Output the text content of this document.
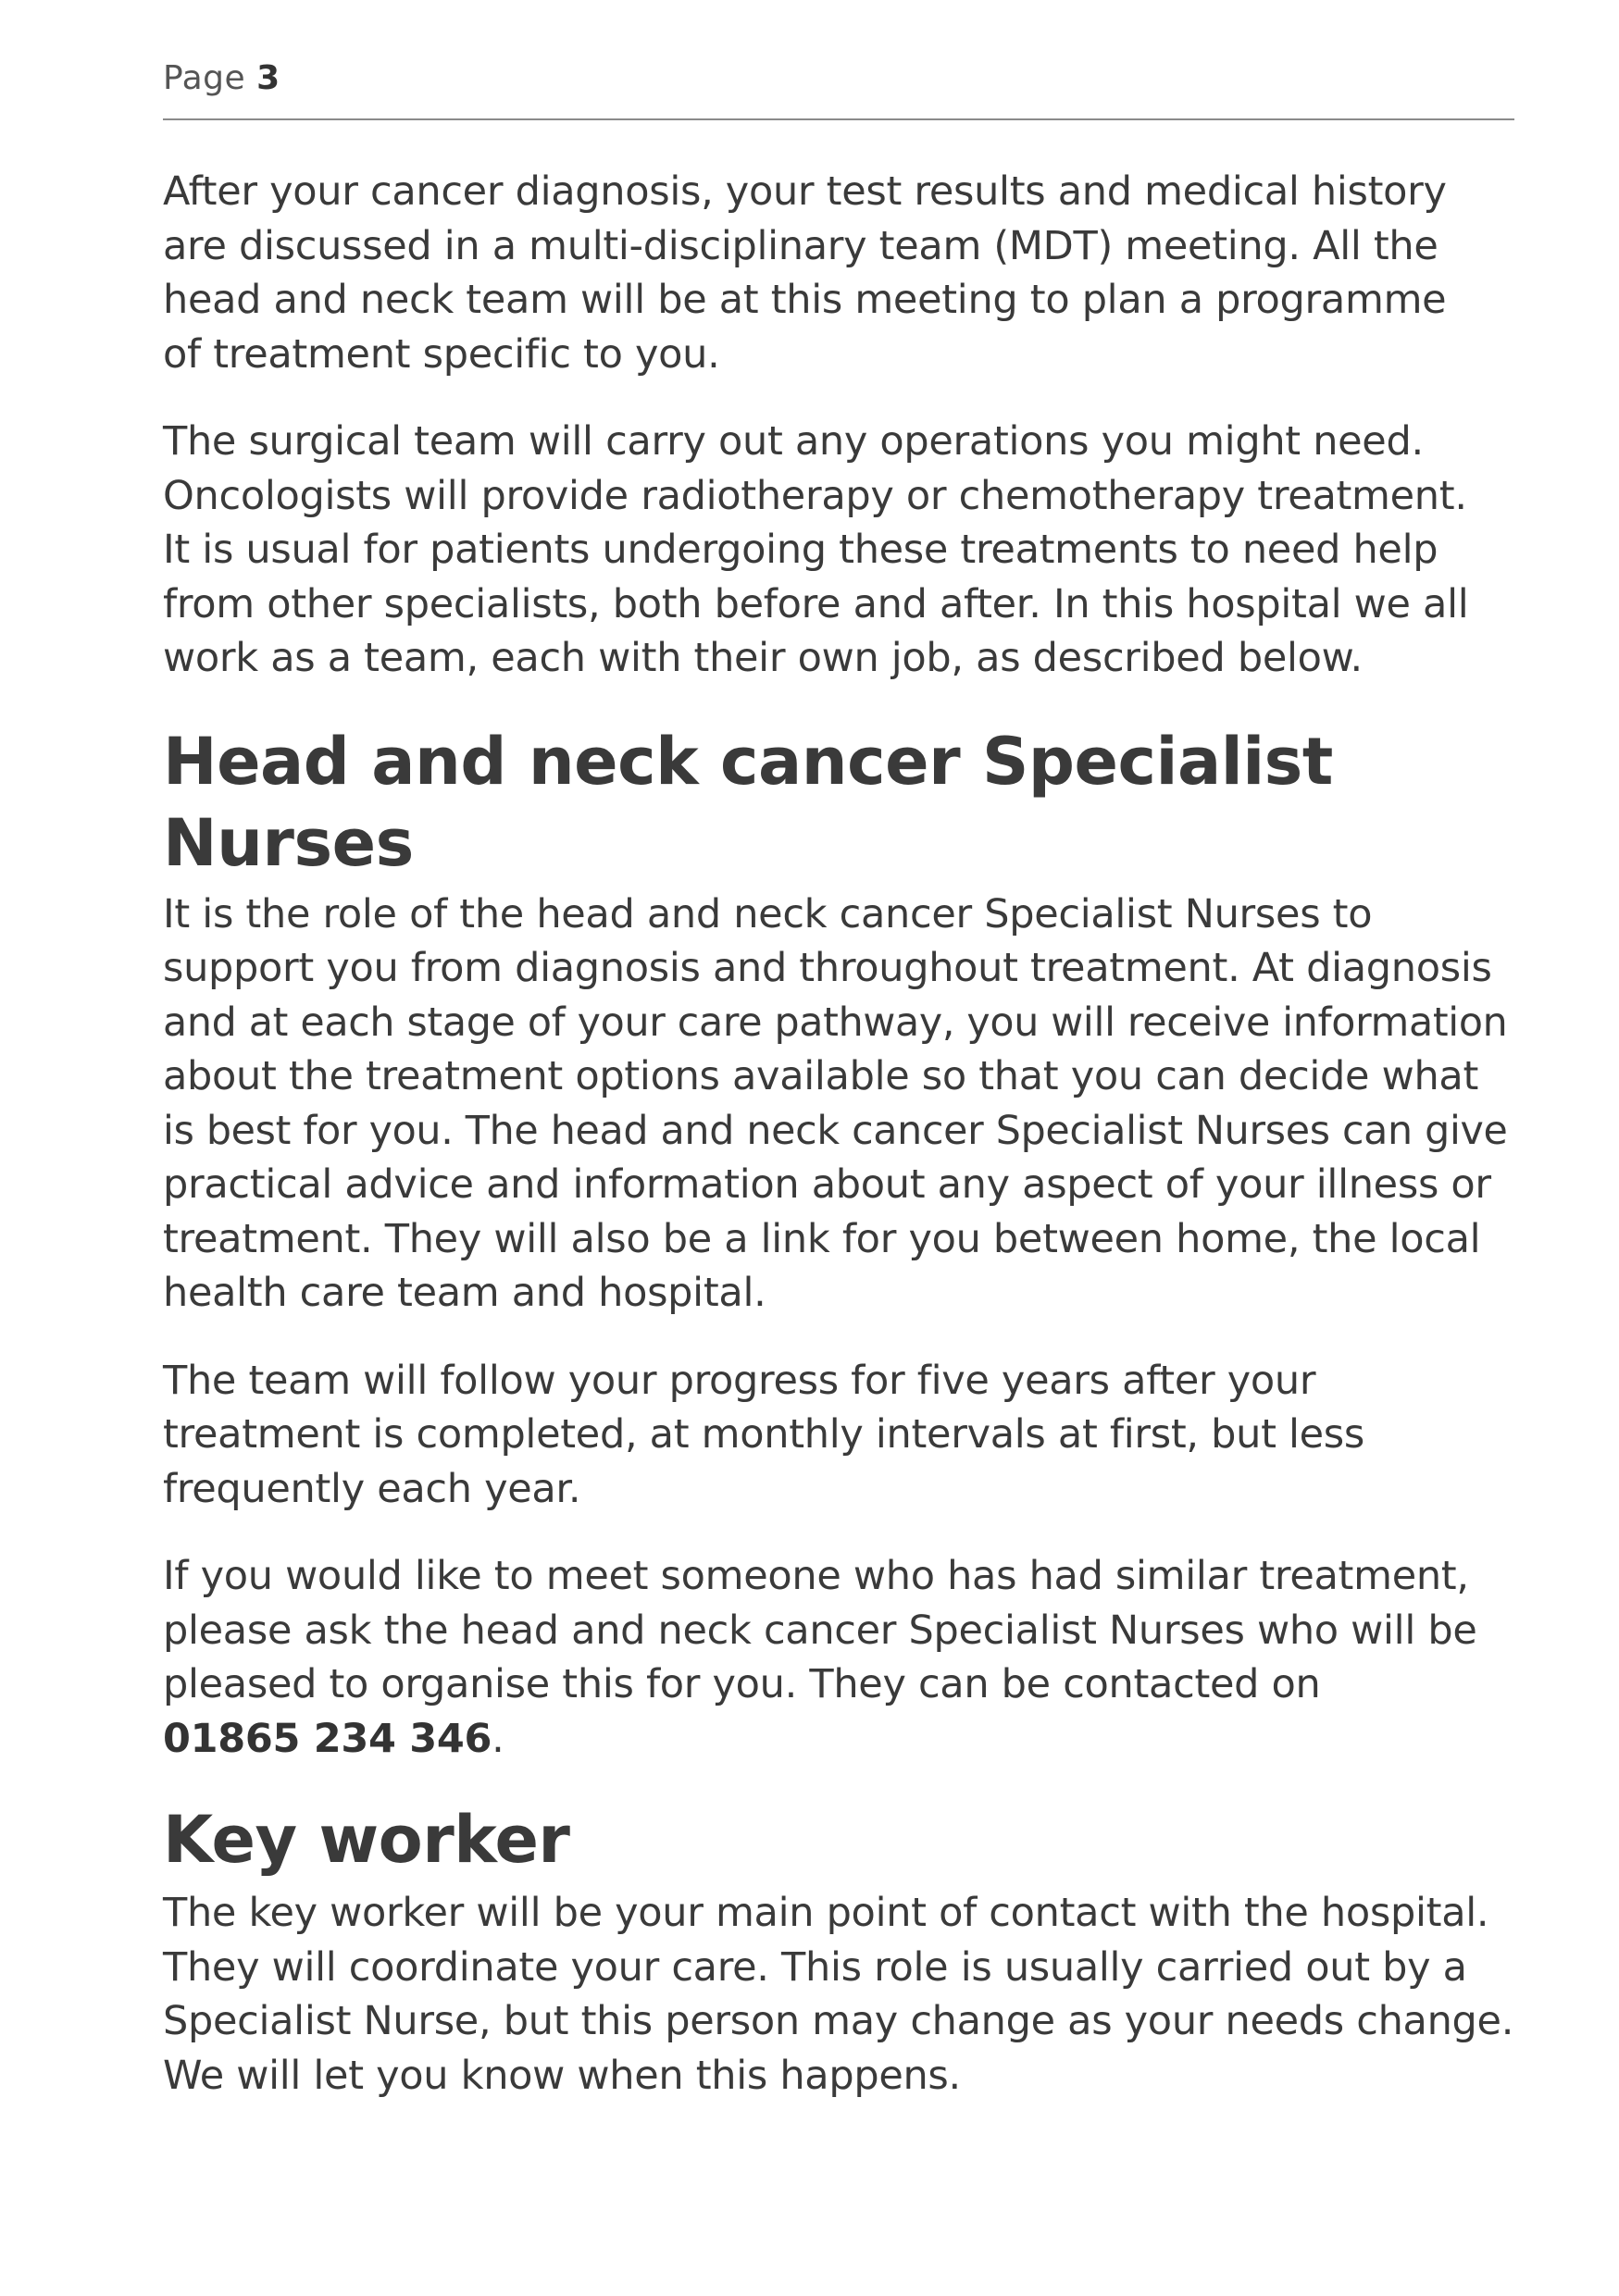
Page 3

After your cancer diagnosis, your test results and medical history
are discussed in a multi-disciplinary team (MDT) meeting. All the
head and neck team will be at this meeting to plan a programme
of treatment specific to you.

The surgical team will carry out any operations you might need.
Oncologists will provide radiotherapy or chemotherapy treatment.
It is usual for patients undergoing these treatments to need help
from other specialists, both before and after. In this hospital we all
work as a team, each with their own job, as described below.

Head and neck cancer Specialist
Nurses

It is the role of the head and neck cancer Specialist Nurses to
support you from diagnosis and throughout treatment. At diagnosis
and at each stage of your care pathway, you will receive information
about the treatment options available so that you can decide what
is best for you. The head and neck cancer Specialist Nurses can give
practical advice and information about any aspect of your illness or
treatment. They will also be a link for you between home, the local
health care team and hospital.

The team will follow your progress for five years after your
treatment is completed, at monthly intervals at first, but less
frequently each year.

If you would like to meet someone who has had similar treatment,
please ask the head and neck cancer Specialist Nurses who will be
pleased to organise this for you. They can be contacted on
01865 234 346.

Key worker

The key worker will be your main point of contact with the hospital.
They will coordinate your care. This role is usually carried out by a
Specialist Nurse, but this person may change as your needs change.
We will let you know when this happens.
